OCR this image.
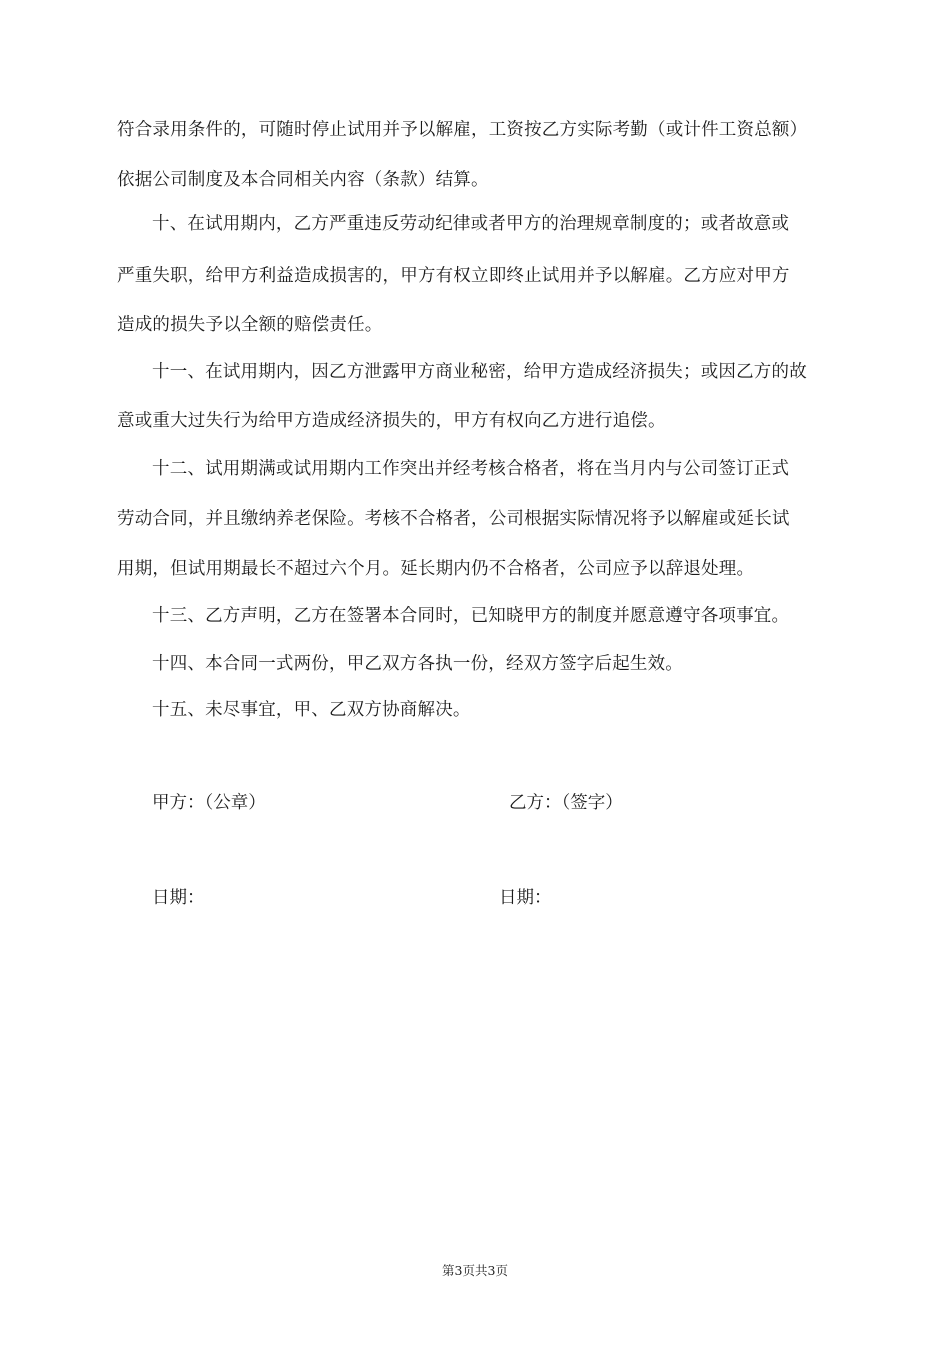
符合录用条件的，可随时停止试用并予以解雇，工资按乙方实际考勤（或计件工资总额）
依据公司制度及本合同相关内容（条款）结算。
十、在试用期内，乙方严重违反劳动纪律或者甲方的治理规章制度的；或者故意或
严重失职，给甲方利益造成损害的，甲方有权立即终止试用并予以解雇。乙方应对甲方
造成的损失予以全额的赔偿责任。
十一、在试用期内，因乙方泄露甲方商业秘密，给甲方造成经济损失；或因乙方的故
意或重大过失行为给甲方造成经济损失的，甲方有权向乙方进行追偿。
十二、试用期满或试用期内工作突出并经考核合格者，将在当月内与公司签订正式
劳动合同，并且缴纳养老保险。考核不合格者，公司根据实际情况将予以解雇或延长试
用期，但试用期最长不超过六个月。延长期内仍不合格者，公司应予以辞退处理。
十三、乙方声明，乙方在签署本合同时，已知晓甲方的制度并愿意遵守各项事宜。
十四、本合同一式两份，甲乙双方各执一份，经双方签字后起生效。
十五、未尽事宜，甲、乙双方协商解决。
甲方：（公章）	乙方：（签字）
日期：	日期：
第3页共3页
